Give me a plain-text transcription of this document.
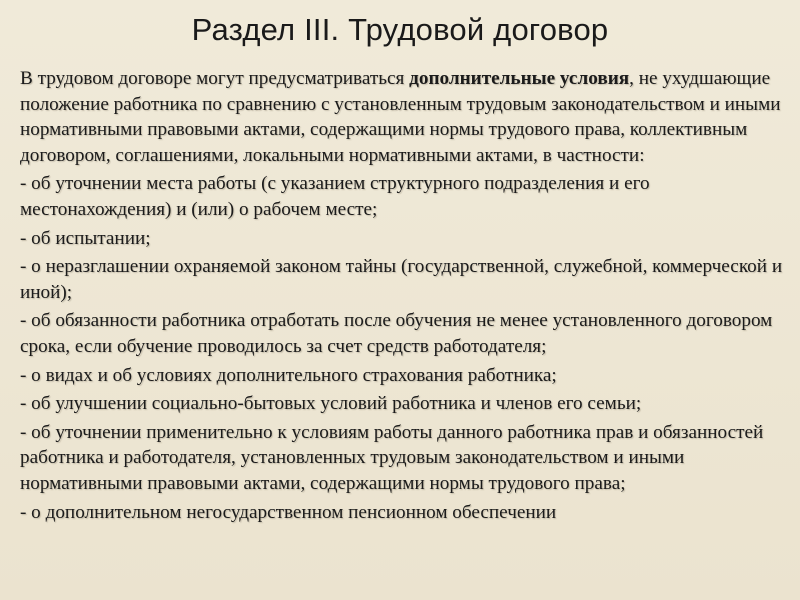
Раздел III. Трудовой договор

В трудовом договоре могут предусматриваться дополнительные условия, не ухудшающие положение работника по сравнению с установленным трудовым законодательством и иными нормативными правовыми актами, содержащими нормы трудового права, коллективным договором, соглашениями, локальными нормативными актами, в частности:

- об уточнении места работы (с указанием структурного подразделения и его местонахождения) и (или) о рабочем месте;

- об испытании;

- о неразглашении охраняемой законом тайны (государственной, служебной, коммерческой и иной);

- об обязанности работника отработать после обучения не менее установленного договором срока, если обучение проводилось за счет средств работодателя;

- о видах и об условиях дополнительного страхования работника;

- об улучшении социально-бытовых условий работника и членов его семьи;

- об уточнении применительно к условиям работы данного работника прав и обязанностей работника и работодателя, установленных трудовым законодательством и иными нормативными правовыми актами, содержащими нормы трудового права;

- о дополнительном негосударственном пенсионном обеспечении
